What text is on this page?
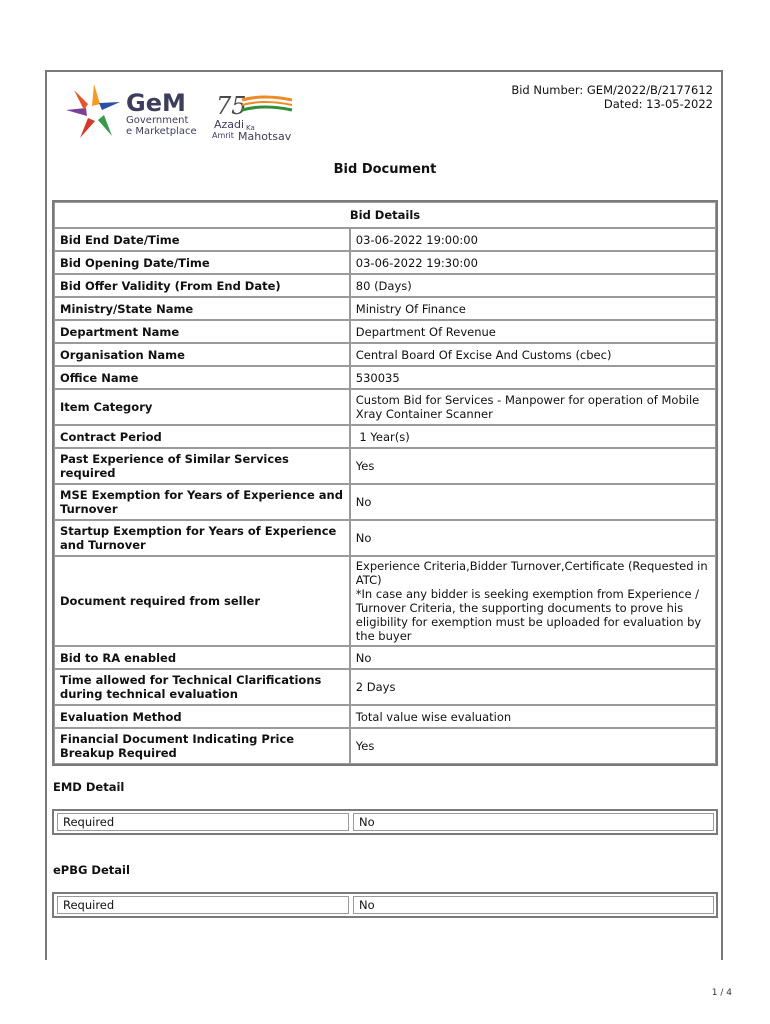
GeM
Government
e Marketplace
75
Azadi Ka
Amrit Mahotsav
Bid Number: GEM/2022/B/2177612
Dated: 13-05-2022
Bid Document
Bid Details	
Bid End Date/Time	03-06-2022 19:00:00
Bid Opening Date/Time	03-06-2022 19:30:00
Bid Offer Validity (From End Date)	80 (Days)
Ministry/State Name	Ministry Of Finance
Department Name	Department Of Revenue
Organisation Name	Central Board Of Excise And Customs (cbec)
Office Name	530035
Item Category	Custom Bid for Services - Manpower for operation of Mobile Xray Container Scanner
Contract Period	1 Year(s)
Past Experience of Similar Services required	Yes
MSE Exemption for Years of Experience and Turnover	No
Startup Exemption for Years of Experience and Turnover	No
Document required from seller	Experience Criteria,Bidder Turnover,Certificate (Requested in ATC)
*In case any bidder is seeking exemption from Experience / Turnover Criteria, the supporting documents to prove his eligibility for exemption must be uploaded for evaluation by the buyer
Bid to RA enabled	No
Time allowed for Technical Clarifications during technical evaluation	2 Days
Evaluation Method	Total value wise evaluation
Financial Document Indicating Price Breakup Required	Yes
EMD Detail
Required	No
ePBG Detail
Required	No
1 / 4
